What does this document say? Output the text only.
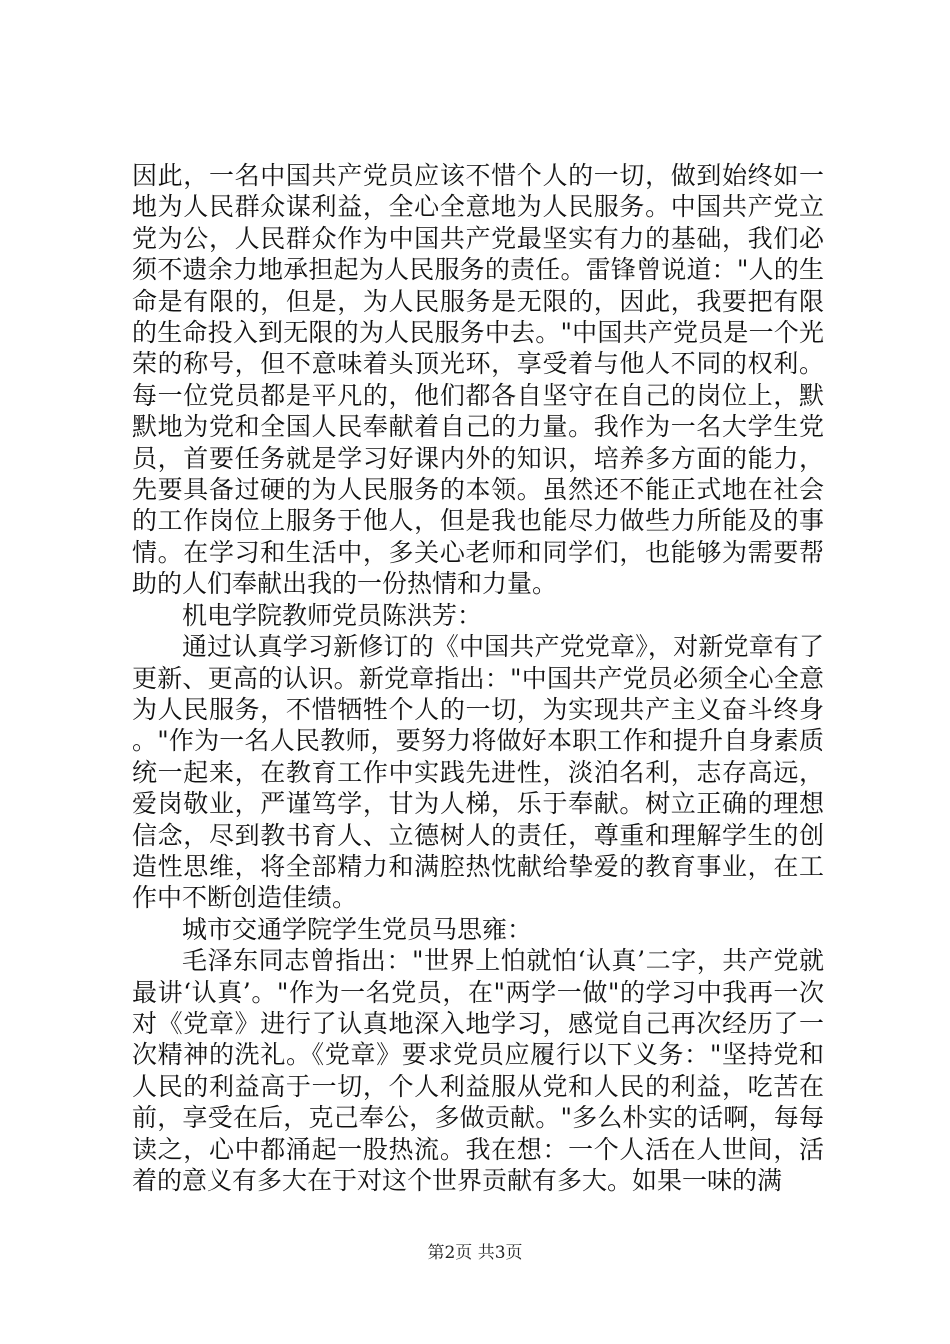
因此，一名中国共产党员应该不惜个人的一切，做到始终如一地为人民群众谋利益，全心全意地为人民服务。中国共产党立党为公，人民群众作为中国共产党最坚实有力的基础，我们必须不遗余力地承担起为人民服务的责任。雷锋曾说道："人的生命是有限的，但是，为人民服务是无限的，因此，我要把有限的生命投入到无限的为人民服务中去。"中国共产党员是一个光荣的称号，但不意味着头顶光环，享受着与他人不同的权利。每一位党员都是平凡的，他们都各自坚守在自己的岗位上，默默地为党和全国人民奉献着自己的力量。我作为一名大学生党员，首要任务就是学习好课内外的知识，培养多方面的能力，先要具备过硬的为人民服务的本领。虽然还不能正式地在社会的工作岗位上服务于他人，但是我也能尽力做些力所能及的事情。在学习和生活中，多关心老师和同学们，也能够为需要帮助的人们奉献出我的一份热情和力量。

机电学院教师党员陈洪芳：

通过认真学习新修订的《中国共产党党章》，对新党章有了更新、更高的认识。新党章指出："中国共产党员必须全心全意为人民服务，不惜牺牲个人的一切，为实现共产主义奋斗终身。"作为一名人民教师，要努力将做好本职工作和提升自身素质统一起来，在教育工作中实践先进性，淡泊名利，志存高远，爱岗敬业，严谨笃学，甘为人梯，乐于奉献。树立正确的理想信念，尽到教书育人、立德树人的责任，尊重和理解学生的创造性思维，将全部精力和满腔热忱献给挚爱的教育事业，在工作中不断创造佳绩。

城市交通学院学生党员马思雍：

毛泽东同志曾指出："世界上怕就怕‘认真’二字，共产党就最讲‘认真’。"作为一名党员，在"两学一做"的学习中我再一次对《党章》进行了认真地深入地学习，感觉自己再次经历了一次精神的洗礼。《党章》要求党员应履行以下义务："坚持党和人民的利益高于一切，个人利益服从党和人民的利益，吃苦在前，享受在后，克己奉公，多做贡献。"多么朴实的话啊，每每读之，心中都涌起一股热流。我在想：一个人活在人世间，活着的意义有多大在于对这个世界贡献有多大。如果一味的满

第2页 共3页
